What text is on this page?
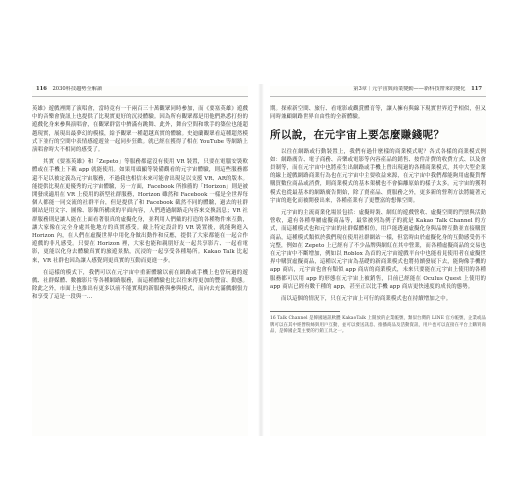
116 2030科技趨勢全解讀

英雄》遊戲裡開了演唱會，當時竟有一千兩百三十萬觀眾同時參加，而《要塞英雄》遊戲中的音樂會資訊上也提供了比現實更好的沉浸體驗。因為所有觀眾都是用他們熟悉打扮的遊戲化身來參與演唱會，在觀眾群當中擠滿有跳舞、此外，舞台空間和歌手的築位也能超越現實，展現出最夢幻的模樣，給予觀眾一種超越真實的體驗。史迪蘭觀眾看這種超然模式下並行的空間中表情感遊遊並一起同步狂歡。就已經在獲得了相在 YouTube 等網路上演唱會時大不相同的感受了。

其實《要塞英雄》和「Zepeto」等服務都還沒有使用 VR 裝置，只要在電腦安裝軟體或在手機上下載 app 就能使用。如果用頭顯等裝備觀看的元宇宙體驗，則這些服務都還不足以被定義為元宇宙服務，不過我也相信未來可能會出現足以支援 VR、AR的版本。能提供比現在更優秀的元宇宙體驗，另一方面，Facebook 所推薦的「Horizon」則是被開發成適用在 VR 上使用的新型社群服務，Horizon 雖然和 Facebook 一樣是全世界每個人都能一同交流的社群平台，但是提供了和 Facebook 截然不同的體驗，過去的社群網站是用文字、圖像、影像所構成的平面內容，人們透過網路走內容來交換訊息；VR 社群服務則是讓人能在上面看著很真的虛擬化身，並利用人們戴的打造的各種物件來互動，讓大家像在完全身處其他地方的真實感受。戴上特定設計的 VR 裝置後，就能夠進入 Horizon 內，在人們在虛擬世界中用化身做出動作和反應，提供了大家都能在一起合作遊戲的非凡感受。只要在 Horizon 裡，大家也能和親朋好友一起共享影片、一起看電影，更能以化身去體驗真實的旅遊景點，沉浸的一起享受各種場所。Kakao Talk 比起來，VR 社群也因為讓人感覺到更真實的互動而更進一步。

在這樣的模式下，我們可以在元宇宙中重新體驗以前在網路或手機上也曾玩過的遊戲、社群媒體、數據影片等各種網路服務，而這種體驗也比以往來得更加的豐富、動態。除此之外，市面上也推出有更多以前不能實現的新服務與參與模式，而向去充滿戲劇張力和享受了這是一段與一…

第3章｜元宇宙與商業變動——新科技帶來的變化 117

期。探索新空間、旅行、看電影或觀賞體育等，讓人擁有與線下現實世界近乎相似，但又同時兼顧網路世界自由性的全新體驗。

所以說，在元宇宙上要怎麼賺錢呢？

以往在網路或行動裝置上，我們有過什麼樣的商業模式呢？各式各樣的商業模式例如：網路廣告、電子商務、音樂或電影等內容產品的銷售、按件計費的收費方式、以及會員制等，而在元宇宙中也將產生出網路或手機上曾出現過的各種商業模式，其中大型企業的線上遊戲網路商業行為也在元宇宙中主要收益來源，在元宇宙中我們都能夠用虛擬貨幣購買數位商品或消費，則商業模式的基本架構也不會偏離原始的樣子太多。元宇宙的獲利模式也從最基本的網路廣告開始，除了賣產品、賣服務之外，更多新的營利方法將隨著元宇宙的進化而被開發出來，各種產業有了更豐富的想像空間。

元宇宙的主流商業化場景包括：虛擬時裝、網紅的遊戲營收、虛擬空間的門票與活動營收，還有各種專屬虛擬商品等，最常被列為例子的就是 Kakao Talk Channel 的方式，而這種模式也和元宇宙的社群媒體相仿，用戶能透過虛擬化身與品牌互動並直接購買商品，這種模式類似於我們現在使用社群網站一樣，但當時由於虛擬化身的互動感受仍不完整，例如在 Zepeto 上已經有了不少品牌與網紅在其中營業，而各種虛擬商品的交易也在元宇宙中不斷增加，例如以 Roblox 為首的元宇宙遊戲平台中也能看見使用者在虛擬世界中購買虛擬商品，這種以元宇宙為基礎的新商業模式也將持續發展下去，能夠像手機的 app 商店，元宇宙也會有類似 app 商店的商業模式，未來只要能在元宇宙上使用的各種服務都可以用 app 的形態在元宇宙上被銷售，目前已經能在 Oculus Quest 上使用的 app 商店已經有數千種的 app，甚至正以比手機 app 商店更快速度的成長的態勢。

而以這個的情況下，只在元宇宙上可行的商業模式也在持續增加之中。

16 Talk Channel 是韓國通訊軟體 KakaoTalk 上開放的企業帳號，類似台灣的 LINE 官方帳號，企業或品牌可以在其中經營粉絲與用戶互動，並可以發送訊息、推播商品及活動資訊，用戶也可以直接在平台上購買商品，是韓國企業主要的行銷工具之一。
